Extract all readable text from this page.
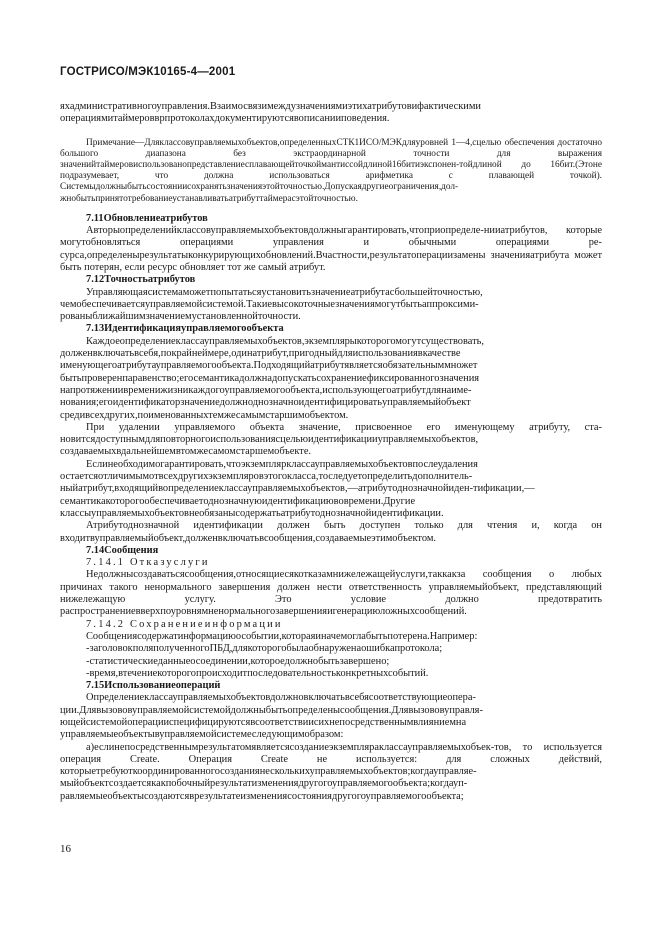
ГОСТРИСО/МЭК10165-4—2001

яхадминистративногоуправления.Взаимосвязимеждузначениямиэтихатрибутовифактическими операциямитаймеровврпротоколахдокументируютсявописанииповедения.

Примечание—Дляклассовуправляемыхобъектов,определенныхСТК1ИСО/МЭКдляуровней 1—4,сцелью обеспечения достаточно большого диапазона без экстраординарной точности для выражения значенийтаймеровиспользованопредставлениесплавающейточкоймантиссойдлиной16битиэкспонен-тойдлиной до 16бит.(Этоне подразумевает, что должна использоваться арифметика с плавающей точкой). Системыдолжныбытьсостояниисохранятьзначенияэтойточностью.Допускаядругиеограничения,дол-жнобытьпринятотребованиеустанавливатьатрибуттаймерасэтойточностью.

7.11Обновлениеатрибутов

Авторыопределенийклассовуправляемыхобъектовдолжныгарантировать,чтоприопределе-нииатрибутов, которые могутобновляться операциями управления и обычными операциями ре-сурса,определенырезультатыконкурирующихобновлений.Вчастности,результатоперациизамены значенияатрибута может быть потерян, если ресурс обновляет тот же самый атрибут.

7.12Точностьатрибутов

Управляющаясистемаможетпопытатьсяустановитьзначениеатрибутасбольшейточностью, чемобеспечиваетсяуправляемойсистемой.Такиевысокоточныезначениямогутбытьаппроксими-рованыближайшимзначениемустановленнойточности.

7.13Идентификацияуправляемогообъекта

Каждоеопределениеклассауправляемыхобъектов,экземплярыкоторогомогутсуществовать, долженвключатьвсебя,покрайнеймере,одинатрибут,пригодныйдляиспользованиявкачестве именующегоатрибутауправляемогообъекта.Подходящийатрибутявляетсяобязательныммножет бытьпроверенпаравенство;егосемантикадолжнадопускатьсохранениефиксированногозначения напротяжениивременижизникаждогоуправляемогообъекта,использующегоатрибутдлянаиме-нования;егоидентификаторзначениедолжноднозначноидентифицироватьуправляемыйобъект средивсехдругих,поименованныхтемжесамымстаршимобъектом.

При удалении управляемого объекта значение, присвоенное его именующему атрибуту, ста-новитсядоступнымдляповторногоиспользованиясцельюидентификацииуправляемыхобъектов, создаваемыхвдальнейшемвтомжесамомстаршемобъекте.

Еслинеобходимогарантировать,чтоэкземплярклассауправляемыхобъектовпослеудаления остаетсяотличимымотвсехдругихэкземпляровэтогокласса,тоследуетопределитьдополнитель-ныйатрибут,входящийвопределениеклассауправляемыхобъектов,—атрибутоднозначнойиден-тификации,—семантикакоторогообеспечиваетоднозначнуюидентификациювовремени.Другие классыуправляемыхобъектовнеобязанысодержатьатрибутоднозначнойидентификации.

Атрибутоднозначной идентификации должен быть доступен только для чтения и, когда он входитвуправляемыйобъект,долженвключатьвсообщения,создаваемыеэтимобъектом.

7.14Сообщения

7.14.1 Отказуслуги

Недолжнысоздаватьсясообщения,относящиесякотказамнижележащейуслуги,таккакза сообщения о любых причинах такого ненормального завершения должен нести ответственность управляемыйобъект, представляющий нижележащую услугу. Это условие должно предотвратить распространениевверхпоуровнямненормальногозавершенияигенерациюложныхсообщений.

7.14.2 Сохранениеинформации

Сообщениясодержатинформациюособытии,котораяиначемоглабытьпотерена.Например:

-заголовокполяполученногоПБД,длякоторогобылаобнаруженаошибкапротокола;

-статистическиеданныеосоединении,котороедолжнобытьзавершено;

-время,втечениекоторогопроисходитпоследовательностьконкретныхсобытий.

7.15Использованиеопераций

Определениеклассауправляемыхобъектовдолжновключатьвсебясоответствующиеопера-ции.Длявызововуправляемойсистемойдолжныбытьопределенысообщения.Длявызововуправля-ющейсистемойоперацииспецифицируютсявсоответствиисихнепосредственнымвлияниемна управляемыеобъектывуправляемойсистемеследующимобразом:

а)еслинепосредственнымрезультатомявляетсясозданиеэкземпляраклассауправляемыхобъек-тов, то используется операция Create. Операция Create не используется: для сложных действий, которыетребуюткоординированногосозданиянесколькихуправляемыхобъектов;когдауправляе-мыйобъектсоздаетсякакпобочныйрезультатизменениядругогоуправляемогообъекта;когдауп-равляемыеобъектысоздаютсяврезультатеизменениясостояниядругогоуправляемогообъекта;

16
